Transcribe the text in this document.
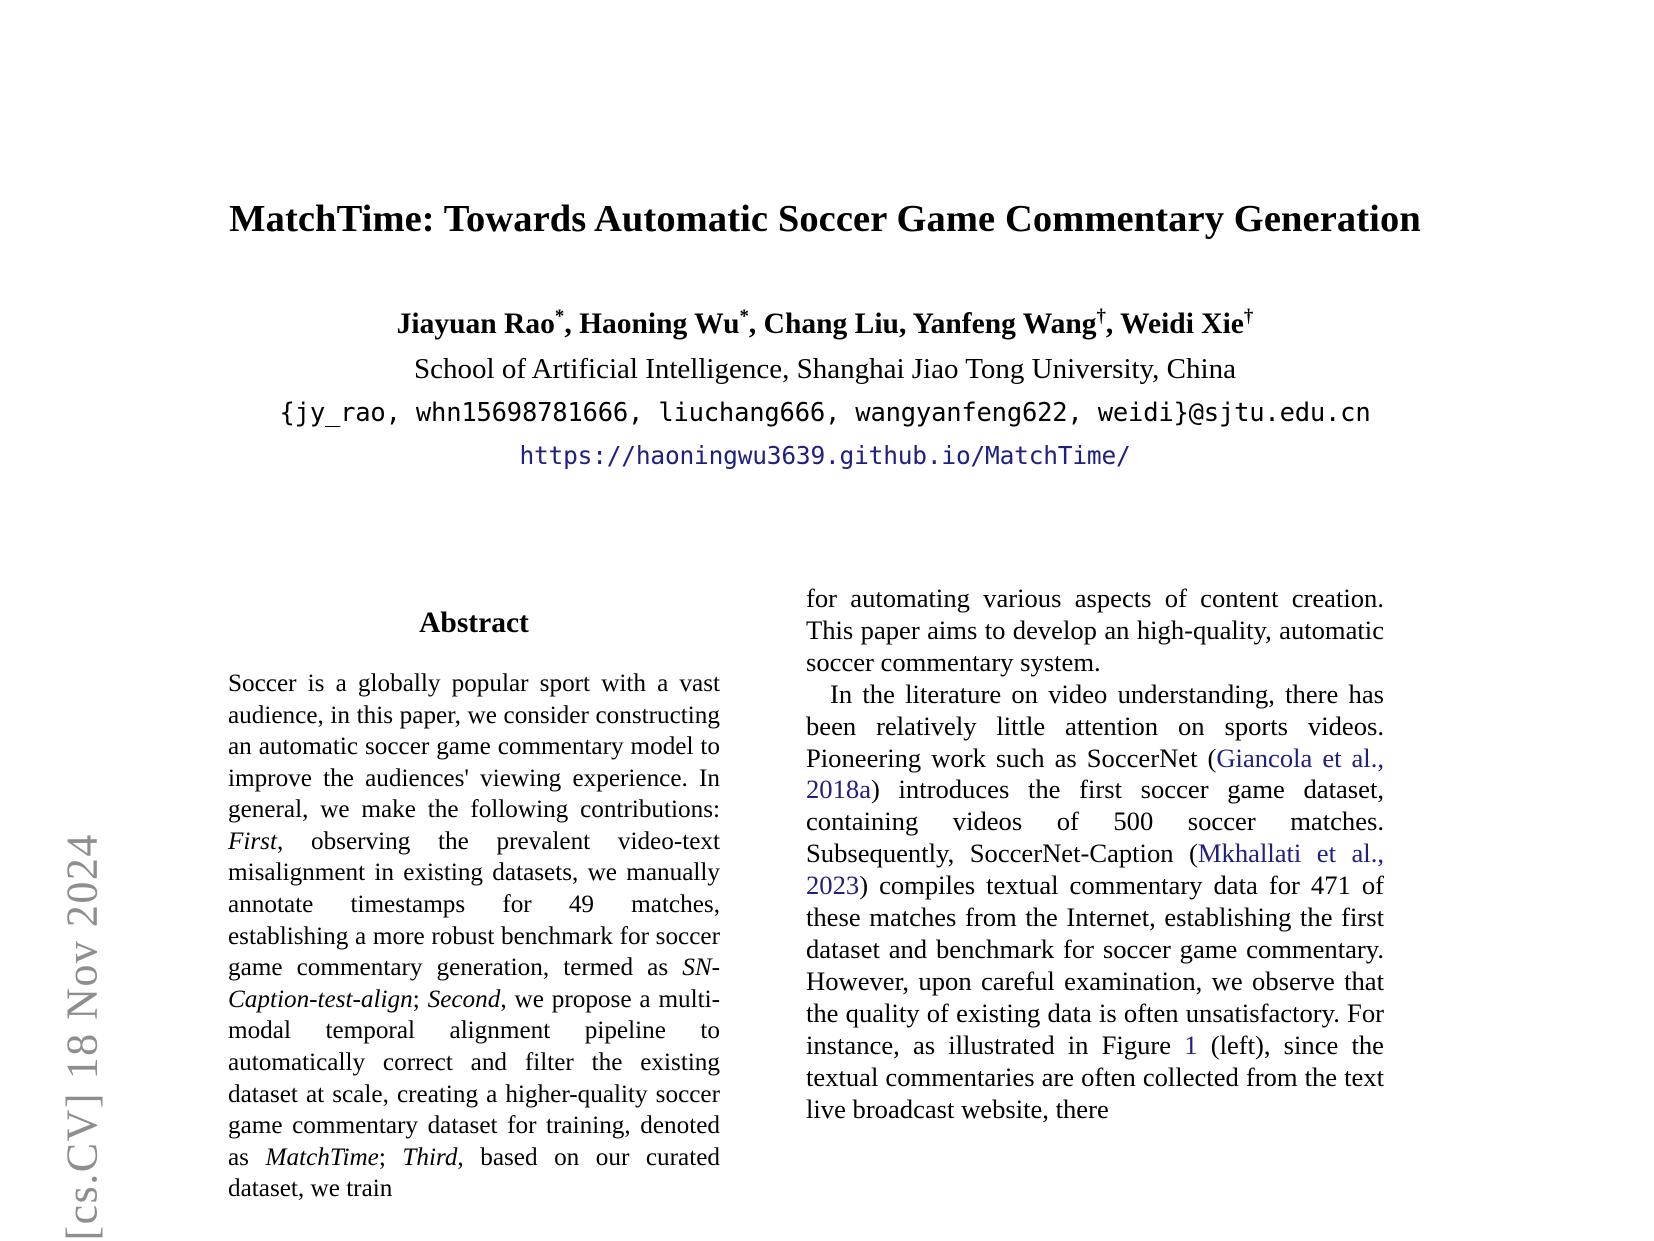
[cs.CV] 18 Nov 2024
MatchTime: Towards Automatic Soccer Game Commentary Generation
Jiayuan Rao*, Haoning Wu*, Chang Liu, Yanfeng Wang†, Weidi Xie†
School of Artificial Intelligence, Shanghai Jiao Tong University, China
{jy_rao, whn15698781666, liuchang666, wangyanfeng622, weidi}@sjtu.edu.cn
https://haoningwu3639.github.io/MatchTime/
Abstract
Soccer is a globally popular sport with a vast audience, in this paper, we consider constructing an automatic soccer game commentary model to improve the audiences' viewing experience. In general, we make the following contributions: First, observing the prevalent video-text misalignment in existing datasets, we manually annotate timestamps for 49 matches, establishing a more robust benchmark for soccer game commentary generation, termed as SN-Caption-test-align; Second, we propose a multi-modal temporal alignment pipeline to automatically correct and filter the existing dataset at scale, creating a higher-quality soccer game commentary dataset for training, denoted as MatchTime; Third, based on our curated dataset, we train

for automating various aspects of content creation. This paper aims to develop an high-quality, automatic soccer commentary system.

In the literature on video understanding, there has been relatively little attention on sports videos. Pioneering work such as SoccerNet (Giancola et al., 2018a) introduces the first soccer game dataset, containing videos of 500 soccer matches. Subsequently, SoccerNet-Caption (Mkhallati et al., 2023) compiles textual commentary data for 471 of these matches from the Internet, establishing the first dataset and benchmark for soccer game commentary. However, upon careful examination, we observe that the quality of existing data is often unsatisfactory. For instance, as illustrated in Figure 1 (left), since the textual commentaries are often collected from the text live broadcast website, there
